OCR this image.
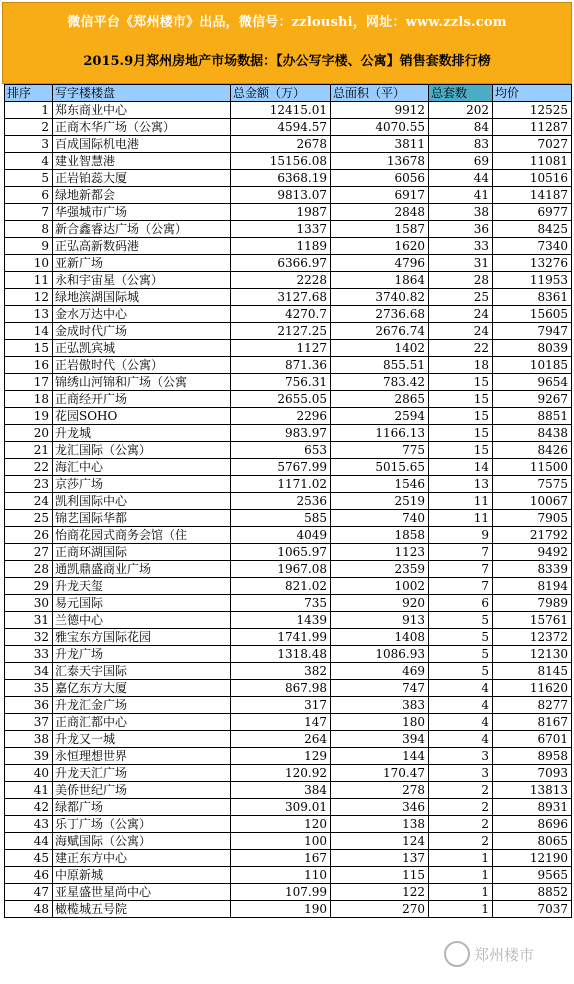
微信平台《郑州楼市》出品，微信号：zzloushi，网址：www.zzls.com
2015.9月郑州房地产市场数据：【办公写字楼、公寓】销售套数排行榜
排序	写字楼楼盘	总金额（万）	总面积（平）	总套数	均价
1	郑东商业中心	12415.01	9912	202	12525
2	正商木华广场（公寓）	4594.57	4070.55	84	11287
3	百成国际机电港	2678	3811	83	7027
4	建业智慧港	15156.08	13678	69	11081
5	正岩铂蕊大厦	6368.19	6056	44	10516
6	绿地新都会	9813.07	6917	41	14187
7	华强城市广场	1987	2848	38	6977
8	新合鑫睿达广场（公寓）	1337	1587	36	8425
9	正弘高新数码港	1189	1620	33	7340
10	亚新广场	6366.97	4796	31	13276
11	永和宇宙星（公寓）	2228	1864	28	11953
12	绿地滨湖国际城	3127.68	3740.82	25	8361
13	金水万达中心	4270.7	2736.68	24	15605
14	金成时代广场	2127.25	2676.74	24	7947
15	正弘凯宾城	1127	1402	22	8039
16	正岩傲时代（公寓）	871.36	855.51	18	10185
17	锦绣山河锦和广场（公寓	756.31	783.42	15	9654
18	正商经开广场	2655.05	2865	15	9267
19	花园SOHO	2296	2594	15	8851
20	升龙城	983.97	1166.13	15	8438
21	龙汇国际（公寓）	653	775	15	8426
22	海汇中心	5767.99	5015.65	14	11500
23	京莎广场	1171.02	1546	13	7575
24	凯利国际中心	2536	2519	11	10067
25	锦艺国际华都	585	740	11	7905
26	怡商花园式商务会馆（住	4049	1858	9	21792
27	正商环湖国际	1065.97	1123	7	9492
28	通凯鼎盛商业广场	1967.08	2359	7	8339
29	升龙天玺	821.02	1002	7	8194
30	易元国际	735	920	6	7989
31	兰德中心	1439	913	5	15761
32	雅宝东方国际花园	1741.99	1408	5	12372
33	升龙广场	1318.48	1086.93	5	12130
34	汇泰天宇国际	382	469	5	8145
35	嘉亿东方大厦	867.98	747	4	11620
36	升龙汇金广场	317	383	4	8277
37	正商汇都中心	147	180	4	8167
38	升龙又一城	264	394	4	6701
39	永恒理想世界	129	144	3	8958
40	升龙天汇广场	120.92	170.47	3	7093
41	美侨世纪广场	384	278	2	13813
42	绿都广场	309.01	346	2	8931
43	乐丁广场（公寓）	120	138	2	8696
44	海赋国际（公寓）	100	124	2	8065
45	建正东方中心	167	137	1	12190
46	中原新城	110	115	1	9565
47	亚星盛世星尚中心	107.99	122	1	8852
48	橄榄城五号院	190	270	1	7037
郑州楼市
